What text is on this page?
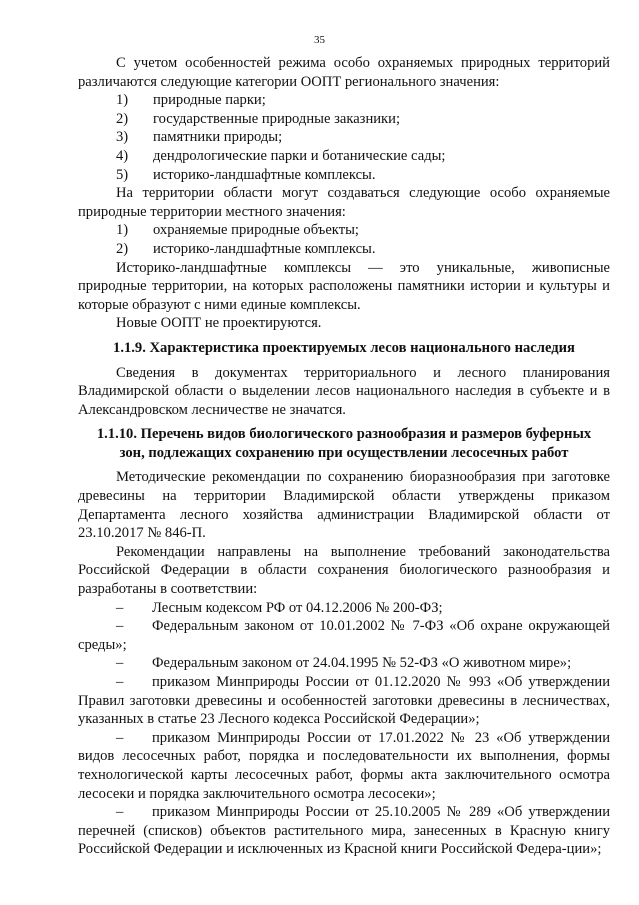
35

С учетом особенностей режима особо охраняемых природных территорий различаются следующие категории ООПТ регионального значения:

1)	природные парки;
2)	государственные природные заказники;
3)	памятники природы;
4)	дендрологические парки и ботанические сады;
5)	историко-ландшафтные комплексы.

На территории области могут создаваться следующие особо охраняемые природные территории местного значения:

1)	охраняемые природные объекты;
2)	историко-ландшафтные комплексы.

Историко-ландшафтные комплексы — это уникальные, живописные природные территории, на которых расположены памятники истории и культуры и которые образуют с ними единые комплексы.

Новые ООПТ не проектируются.

1.1.9. Характеристика проектируемых лесов национального наследия

Сведения в документах территориального и лесного планирования Владимирской области о выделении лесов национального наследия в субъекте и в Александровском лесничестве не значатся.

1.1.10. Перечень видов биологического разнообразия и размеров буферных
зон, подлежащих сохранению при осуществлении лесосечных работ

Методические рекомендации по сохранению биоразнообразия при заготовке древесины на территории Владимирской области утверждены приказом Департамента лесного хозяйства администрации Владимирской области от 23.10.2017 № 846-П.

Рекомендации направлены на выполнение требований законодательства Российской Федерации в области сохранения биологического разнообразия и разработаны в соответствии:

– Лесным кодексом РФ от 04.12.2006 № 200-ФЗ;

– Федеральным законом от 10.01.2002 № 7-ФЗ «Об охране окружающей среды»;

– Федеральным законом от 24.04.1995 № 52-ФЗ «О животном мире»;

– приказом Минприроды России от 01.12.2020 № 993 «Об утверждении Правил заготовки древесины и особенностей заготовки древесины в лесничествах, указанных в статье 23 Лесного кодекса Российской Федерации»;

– приказом Минприроды России от 17.01.2022 № 23 «Об утверждении видов лесосечных работ, порядка и последовательности их выполнения, формы технологической карты лесосечных работ, формы акта заключительного осмотра лесосеки и порядка заключительного осмотра лесосеки»;

– приказом Минприроды России от 25.10.2005 № 289 «Об утверждении перечней (списков) объектов растительного мира, занесенных в Красную книгу Российской Федерации и исключенных из Красной книги Российской Федера-ции»;
